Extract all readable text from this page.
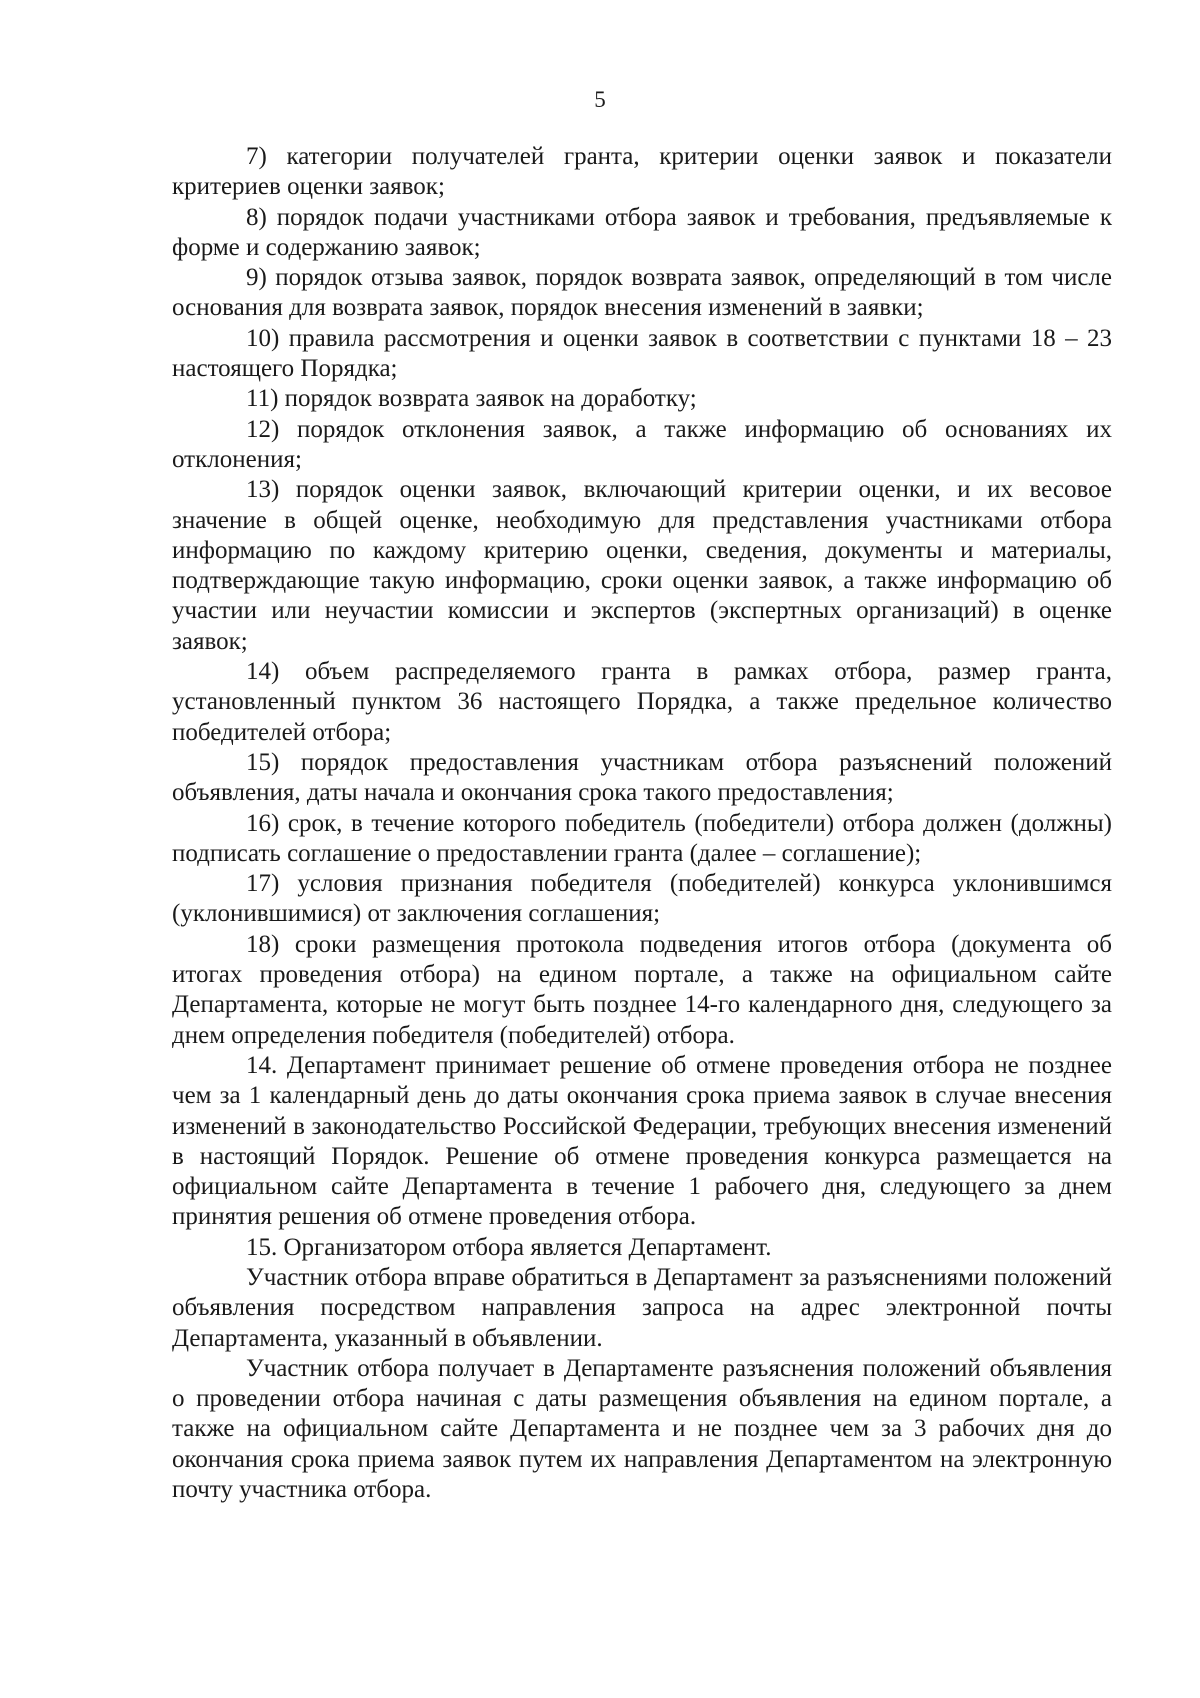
5

7) категории получателей гранта, критерии оценки заявок и показатели критериев оценки заявок;

8) порядок подачи участниками отбора заявок и требования, предъявляемые к форме и содержанию заявок;

9) порядок отзыва заявок, порядок возврата заявок, определяющий в том числе основания для возврата заявок, порядок внесения изменений в заявки;

10) правила рассмотрения и оценки заявок в соответствии с пунктами 18 – 23 настоящего Порядка;

11) порядок возврата заявок на доработку;

12) порядок отклонения заявок, а также информацию об основаниях их отклонения;

13) порядок оценки заявок, включающий критерии оценки, и их весовое значение в общей оценке, необходимую для представления участниками отбора информацию по каждому критерию оценки, сведения, документы и материалы, подтверждающие такую информацию, сроки оценки заявок, а также информацию об участии или неучастии комиссии и экспертов (экспертных организаций) в оценке заявок;

14) объем распределяемого гранта в рамках отбора, размер гранта, установленный пунктом 36 настоящего Порядка, а также предельное количество победителей отбора;

15) порядок предоставления участникам отбора разъяснений положений объявления, даты начала и окончания срока такого предоставления;

16) срок, в течение которого победитель (победители) отбора должен (должны) подписать соглашение о предоставлении гранта (далее – соглашение);

17) условия признания победителя (победителей) конкурса уклонившимся (уклонившимися) от заключения соглашения;

18) сроки размещения протокола подведения итогов отбора (документа об итогах проведения отбора) на едином портале, а также на официальном сайте Департамента, которые не могут быть позднее 14-го календарного дня, следующего за днем определения победителя (победителей) отбора.

14. Департамент принимает решение об отмене проведения отбора не позднее чем за 1 календарный день до даты окончания срока приема заявок в случае внесения изменений в законодательство Российской Федерации, требующих внесения изменений в настоящий Порядок. Решение об отмене проведения конкурса размещается на официальном сайте Департамента в течение 1 рабочего дня, следующего за днем принятия решения об отмене проведения отбора.

15. Организатором отбора является Департамент.

Участник отбора вправе обратиться в Департамент за разъяснениями положений объявления посредством направления запроса на адрес электронной почты Департамента, указанный в объявлении.

Участник отбора получает в Департаменте разъяснения положений объявления о проведении отбора начиная с даты размещения объявления на едином портале, а также на официальном сайте Департамента и не позднее чем за 3 рабочих дня до окончания срока приема заявок путем их направления Департаментом на электронную почту участника отбора.
